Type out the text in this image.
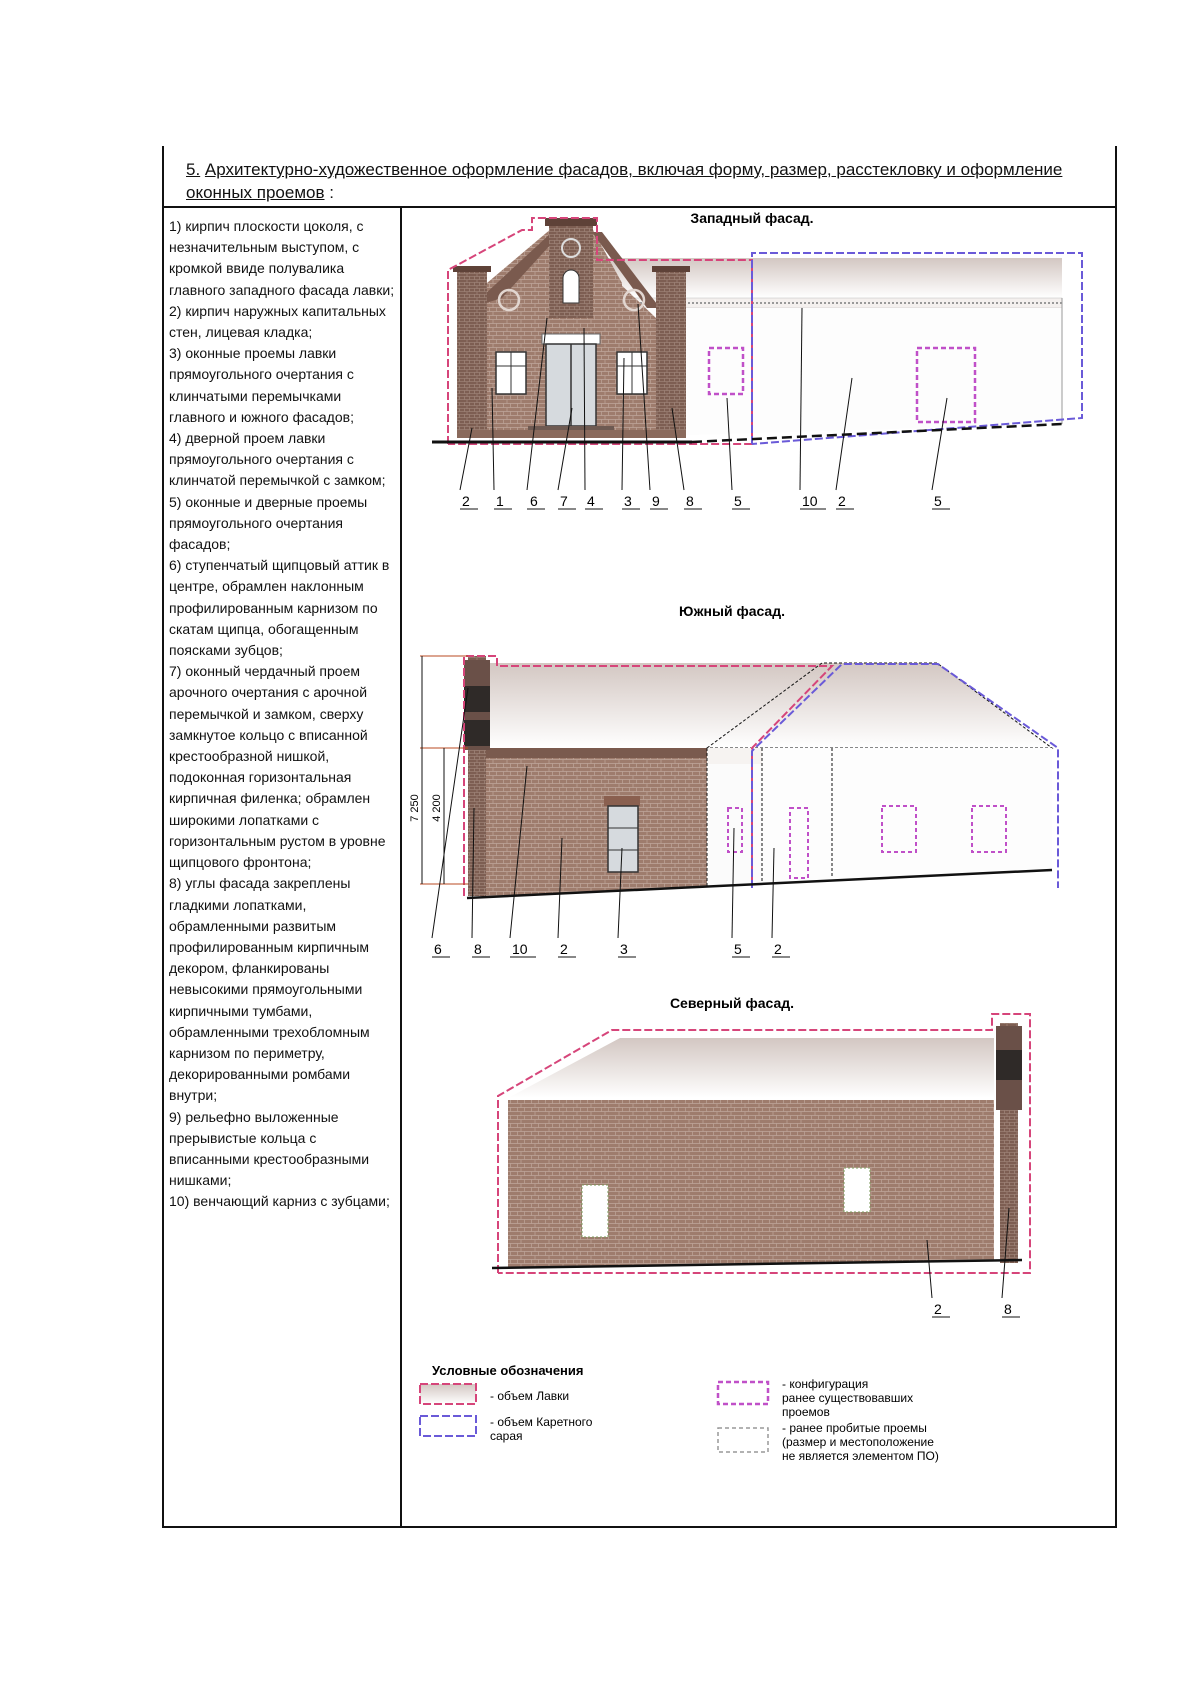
5. Архитектурно-художественное оформление фасадов, включая форму, размер, расстекловку и оформление оконных проемов :
1) кирпич плоскости цоколя, с незначительным выступом, с кромкой ввиде полувалика главного западного фасада лавки;
2) кирпич наружных капитальных стен, лицевая кладка;
3) оконные проемы лавки прямоугольного очертания с клинчатыми перемычками главного и южного фасадов;
4) дверной проем лавки прямоугольного очертания с клинчатой перемычкой с замком;
5) оконные и дверные проемы прямоугольного очертания фасадов;
6) ступенчатый щипцовый аттик в центре, обрамлен наклонным профилированным карнизом по скатам щипца, обогащенным поясками зубцов;
7) оконный чердачный проем арочного очертания с арочной перемычкой и замком, сверху замкнутое кольцо с вписанной крестообразной нишкой, подоконная горизонтальная кирпичная филенка; обрамлен широкими лопатками с горизонтальным рустом в уровне щипцового фронтона;
8) углы фасада закреплены гладкими лопатками, обрамленными развитым профилированным кирпичным декором, фланкированы невысокими прямоугольными кирпичными тумбами, обрамленными трехобломным карнизом по периметру, декорированными ромбами внутри;
9) рельефно выложенные прерывистые кольца с вписанными крестообразными нишками;
10) венчающий карниз с зубцами;
Западный фасад.
2 1 6 7 4 3 9 8	5	10 2	5
Южный фасад.
7 250 4 200
6 8 10 2	3	5 2
Северный фасад.
2	8
Условные обозначения
- объем Лавки
- объем Каретного
сарая
- конфигурация
ранее существовавших
проемов
- ранее пробитые проемы
(размер и местоположение
не является элементом ПО)
